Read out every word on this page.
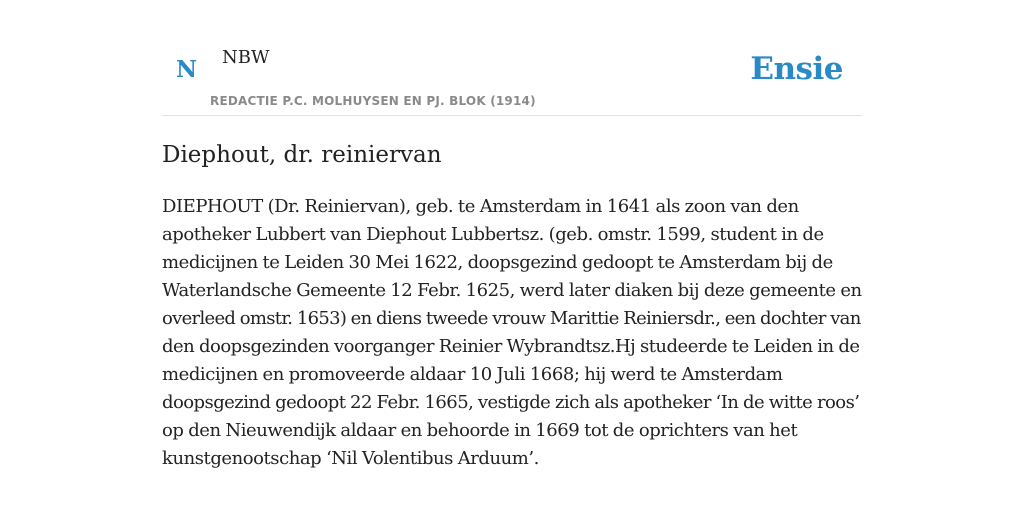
N NBW	Ensie
REDACTIE P.C. MOLHUYSEN EN PJ. BLOK (1914)
Diephout, dr. reiniervan
DIEPHOUT (Dr. Reiniervan), geb. te Amsterdam in 1641 als zoon van den
apotheker Lubbert van Diephout Lubbertsz. (geb. omstr. 1599, student in de
medicijnen te Leiden 30 Mei 1622, doopsgezind gedoopt te Amsterdam bij de
Waterlandsche Gemeente 12 Febr. 1625, werd later diaken bij deze gemeente en
overleed omstr. 1653) en diens tweede vrouw Marittie Reiniersdr., een dochter van
den doopsgezinden voorganger Reinier Wybrandtsz.Hj studeerde te Leiden in de
medicijnen en promoveerde aldaar 10 Juli 1668; hij werd te Amsterdam
doopsgezind gedoopt 22 Febr. 1665, vestigde zich als apotheker ‘In de witte roos’
op den Nieuwendijk aldaar en behoorde in 1669 tot de oprichters van het
kunstgenootschap ‘Nil Volentibus Arduum’.
